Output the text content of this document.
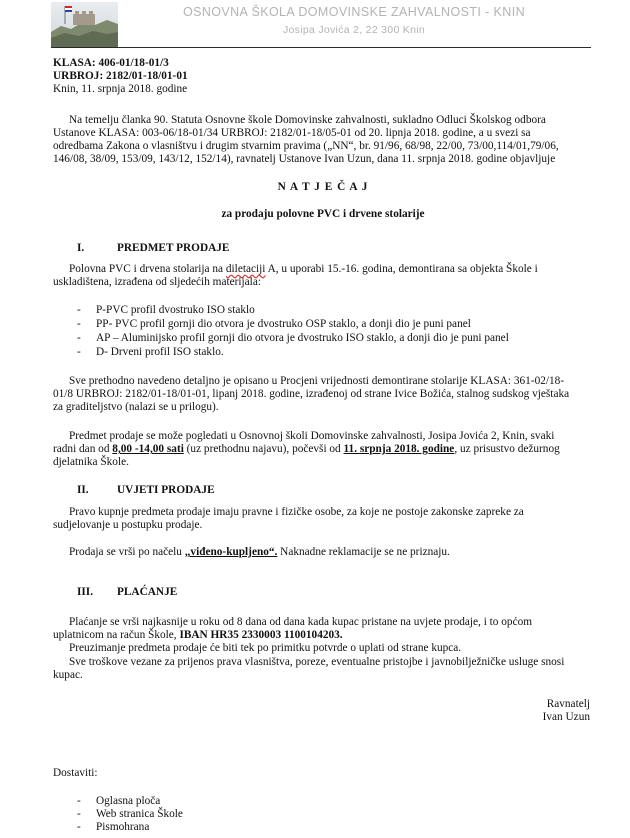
OSNOVNA ŠKOLA DOMOVINSKE ZAHVALNOSTI - KNIN
Josipa Jovića 2, 22 300 Knin
KLASA: 406-01/18-01/3
URBROJ: 2182/01-18/01-01
Knin, 11. srpnja 2018. godine
Na temelju članka 90. Statuta Osnovne škole Domovinske zahvalnosti, sukladno Odluci Školskog odbora
Ustanove KLASA: 003-06/18-01/34 URBROJ: 2182/01-18/05-01 od 20. lipnja 2018. godine, a u svezi sa
odredbama Zakona o vlasništvu i drugim stvarnim pravima („NN“, br. 91/96, 68/98, 22/00, 73/00,114/01,79/06,
146/08, 38/09, 153/09, 143/12, 152/14), ravnatelj Ustanove Ivan Uzun, dana 11. srpnja 2018. godine objavljuje
N A T J E Č A J
za prodaju polovne PVC i drvene stolarije
I.	PREDMET PRODAJE
Polovna PVC i drvena stolarija na diletaciji A, u uporabi 15.-16. godina, demontirana sa objekta Škole i
uskladištena, izrađena od sljedećih materijala:
- P-PVC profil dvostruko ISO staklo
- PP- PVC profil gornji dio otvora je dvostruko OSP staklo, a donji dio je puni panel
- AP – Aluminijsko profil gornji dio otvora je dvostruko ISO staklo, a donji dio je puni panel
- D- Drveni profil ISO staklo.
Sve prethodno navedeno detaljno je opisano u Procjeni vrijednosti demontirane stolarije KLASA: 361-02/18-
01/8 URBROJ: 2182/01-18/01-01, lipanj 2018. godine, izrađenoj od strane Ivice Božića, stalnog sudskog vještaka
za graditeljstvo (nalazi se u prilogu).
Predmet prodaje se može pogledati u Osnovnoj školi Domovinske zahvalnosti, Josipa Jovića 2, Knin, svaki
radni dan od 8,00 -14,00 sati (uz prethodnu najavu), počevši od 11. srpnja 2018. godine, uz prisustvo dežurnog
djelatnika Škole.
II.	UVJETI PRODAJE
Pravo kupnje predmeta prodaje imaju pravne i fizičke osobe, za koje ne postoje zakonske zapreke za
sudjelovanje u postupku prodaje.
Prodaja se vrši po načelu „viđeno-kupljeno“. Naknadne reklamacije se ne priznaju.
III. PLAĆANJE
Plaćanje se vrši najkasnije u roku od 8 dana od dana kada kupac pristane na uvjete prodaje, i to općom
uplatnicom na račun Škole, IBAN HR35 2330003 1100104203.
Preuzimanje predmeta prodaje će biti tek po primitku potvrde o uplati od strane kupca.
Sve troškove vezane za prijenos prava vlasništva, poreze, eventualne pristojbe i javnobilježničke usluge snosi
kupac.
Ravnatelj
Ivan Uzun
Dostaviti:
- Oglasna ploča
- Web stranica Škole
- Pismohrana
